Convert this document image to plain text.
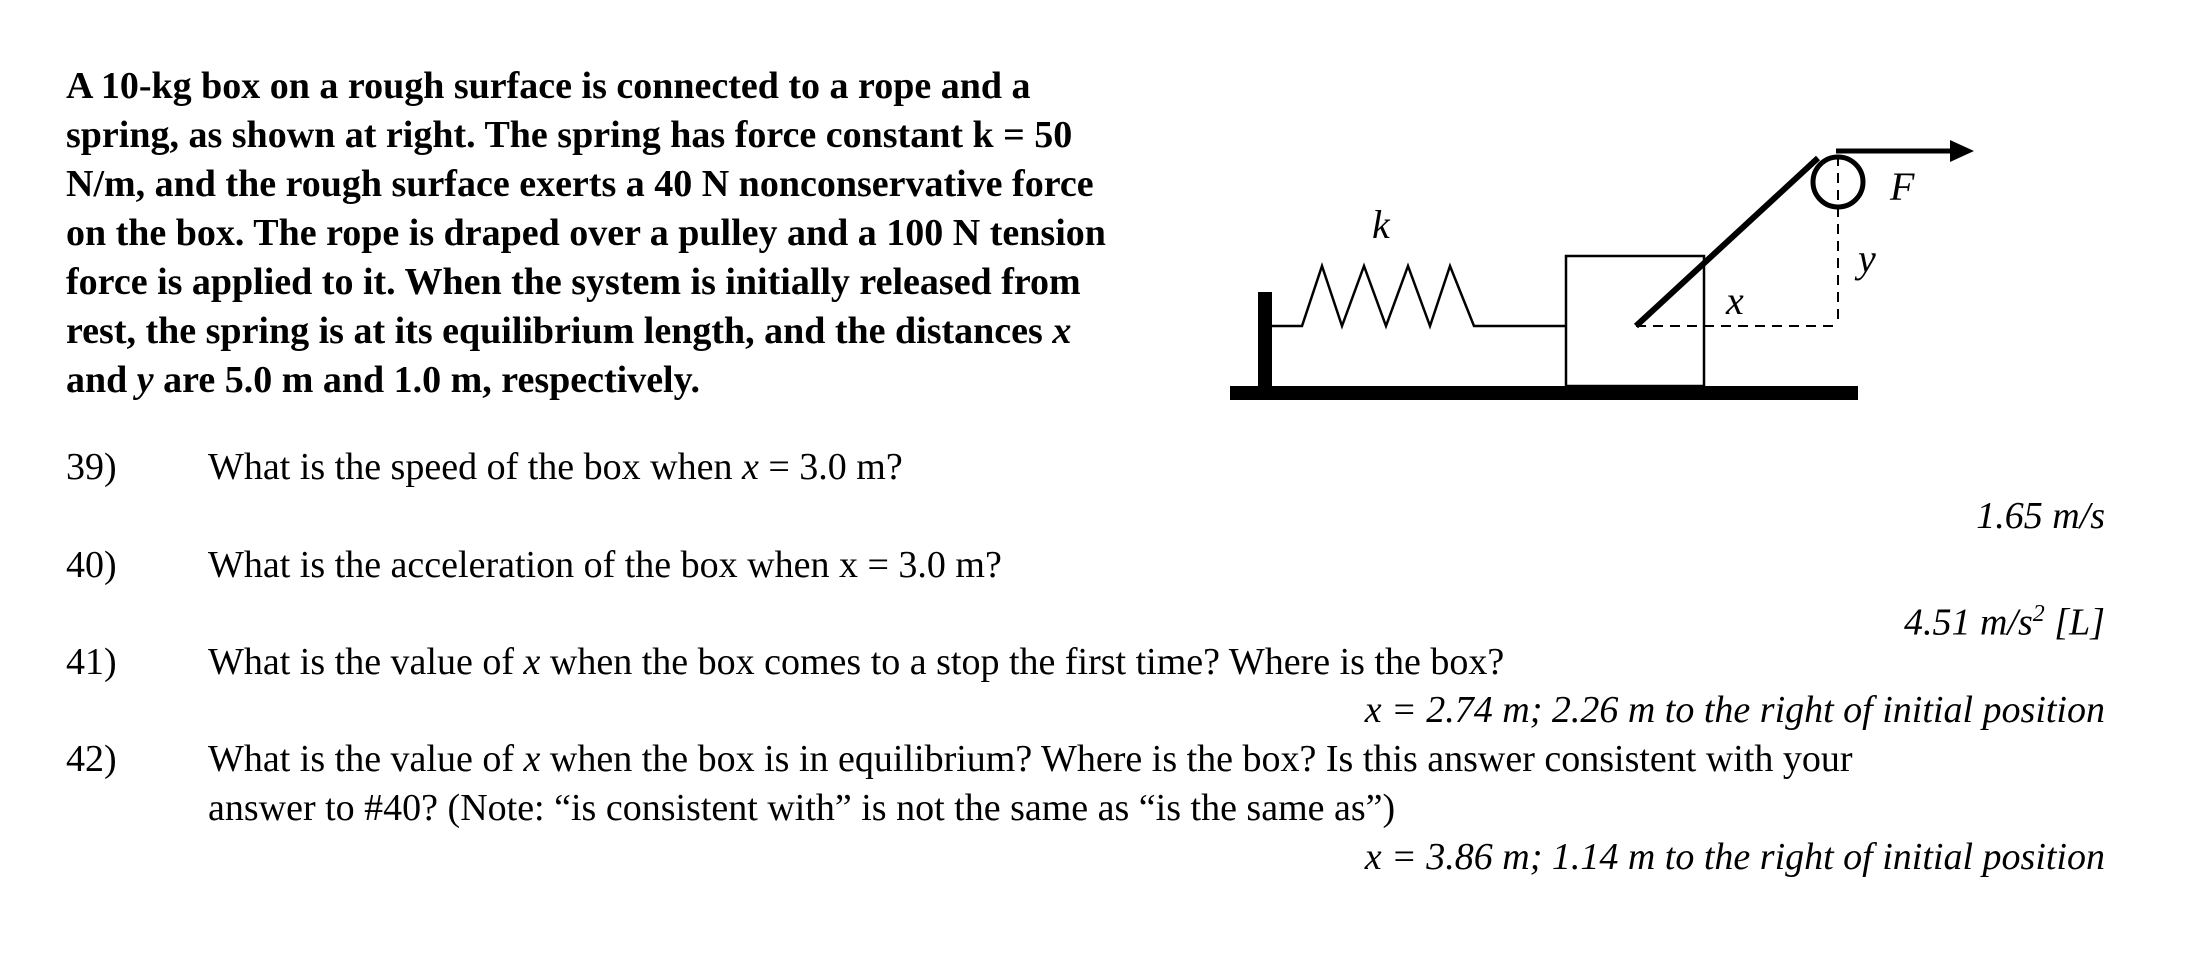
A 10-kg box on a rough surface is connected to a rope and a
spring, as shown at right. The spring has force constant k = 50
N/m, and the rough surface exerts a 40 N nonconservative force
on the box. The rope is draped over a pulley and a 100 N tension
force is applied to it. When the system is initially released from
rest, the spring is at its equilibrium length, and the distances x
and y are 5.0 m and 1.0 m, respectively.
k
F
x
y
39) What is the speed of the box when x = 3.0 m?
1.65 m/s
40) What is the acceleration of the box when x = 3.0 m?
4.51 $m/s^2$ [L]
41) What is the value of x when the box comes to a stop the first time? Where is the box?
x = 2.74 m; 2.26 m to the right of initial position
42) What is the value of x when the box is in equilibrium? Where is the box? Is this answer consistent with your
answer to #40? (Note: “is consistent with” is not the same as “is the same as”)
x = 3.86 m; 1.14 m to the right of initial position
